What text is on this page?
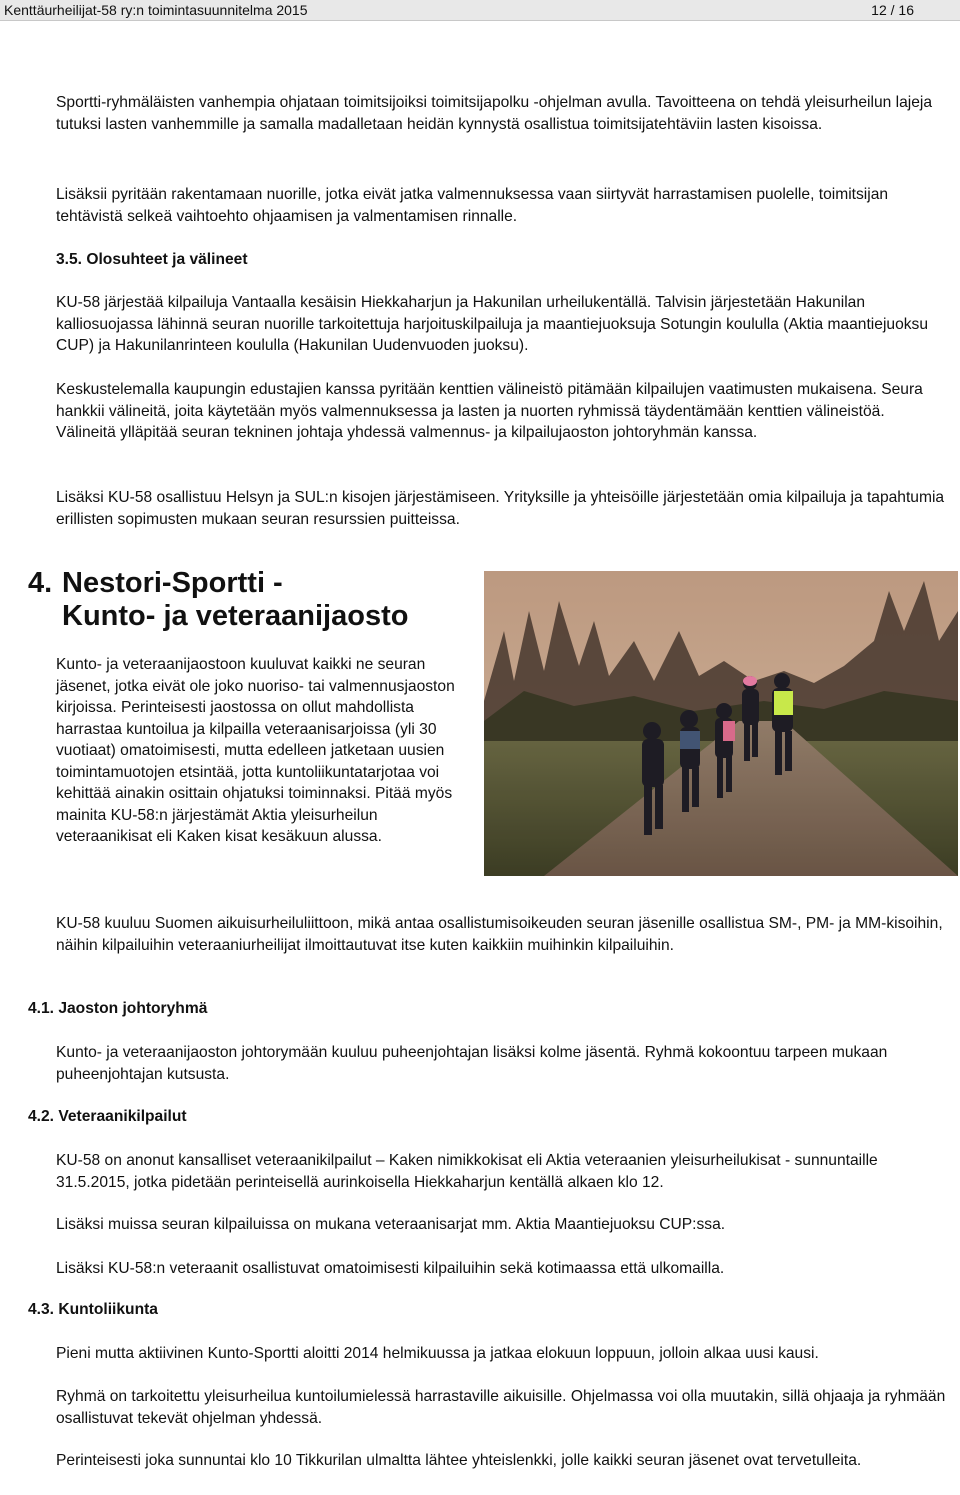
Kenttäurheilijat-58 ry:n toimintasuunnitelma 2015	12 / 16

Sportti-ryhmäläisten vanhempia ohjataan toimitsijoiksi toimitsijapolku -ohjelman avulla. Tavoitteena on tehdä yleisurheilun lajeja tutuksi lasten vanhemmille ja samalla madalletaan heidän kynnystä osallistua toimitsijatehtäviin lasten kisoissa.

Lisäksii pyritään rakentamaan nuorille, jotka eivät jatka valmennuksessa vaan siirtyvät harrastamisen puolelle, toimitsijan tehtävistä selkeä vaihtoehto ohjaamisen ja valmentamisen rinnalle.

3.5. Olosuhteet ja välineet

KU-58 järjestää kilpailuja Vantaalla kesäisin Hiekkaharjun ja Hakunilan urheilukentällä. Talvisin järjestetään Hakunilan kalliosuojassa lähinnä seuran nuorille tarkoitettuja harjoituskilpailuja ja maantiejuoksuja Sotungin koululla (Aktia maantiejuoksu CUP) ja Hakunilanrinteen koululla (Hakunilan Uudenvuoden juoksu).

Keskustelemalla kaupungin edustajien kanssa pyritään kenttien välineistö pitämään kilpailujen vaatimusten mukaisena. Seura hankkii välineitä, joita käytetään myös valmennuksessa ja lasten ja nuorten ryhmissä täydentämään kenttien välineistöä. Välineitä ylläpitää seuran tekninen johtaja yhdessä valmennus- ja kilpailujaoston johtoryhmän kanssa.

Lisäksi KU-58 osallistuu Helsyn ja SUL:n kisojen järjestämiseen. Yrityksille ja yhteisöille järjestetään omia kilpailuja ja tapahtumia erillisten sopimusten mukaan seuran resurssien puitteissa.

4. Nestori-Sportti -
Kunto- ja veteraanijaosto

Kunto- ja veteraanijaostoon kuuluvat kaikki ne seuran jäsenet, jotka eivät ole joko nuoriso- tai valmennusjaoston kirjoissa. Perinteisesti jaostossa on ollut mahdollista harrastaa kuntoilua ja kilpailla veteraanisarjoissa (yli 30 vuotiaat) omatoimisesti, mutta edelleen jatketaan uusien toimintamuotojen etsintää, jotta kuntoliikuntatarjotaa voi kehittää ainakin osittain ohjatuksi toiminnaksi. Pitää myös mainita KU-58:n järjestämät Aktia yleisurheilun veteraanikisat eli Kaken kisat kesäkuun alussa.

KU-58 kuuluu Suomen aikuisurheiluliittoon, mikä antaa osallistumisoikeuden seuran jäsenille osallistua SM-, PM- ja MM-kisoihin, näihin kilpailuihin veteraaniurheilijat ilmoittautuvat itse kuten kaikkiin muihinkin kilpailuihin.

4.1. Jaoston johtoryhmä

Kunto- ja veteraanijaoston johtorymään kuuluu puheenjohtajan lisäksi kolme jäsentä. Ryhmä kokoontuu tarpeen mukaan puheenjohtajan kutsusta.

4.2. Veteraanikilpailut

KU-58 on anonut kansalliset veteraanikilpailut – Kaken nimikkokisat eli Aktia veteraanien yleisurheilukisat - sunnuntaille 31.5.2015, jotka pidetään perinteisellä aurinkoisella Hiekkaharjun kentällä alkaen klo 12.

Lisäksi muissa seuran kilpailuissa on mukana veteraanisarjat mm. Aktia Maantiejuoksu CUP:ssa.

Lisäksi KU-58:n veteraanit osallistuvat omatoimisesti kilpailuihin sekä kotimaassa että ulkomailla.

4.3. Kuntoliikunta

Pieni mutta aktiivinen Kunto-Sportti aloitti 2014 helmikuussa ja jatkaa elokuun loppuun, jolloin alkaa uusi kausi.

Ryhmä on tarkoitettu yleisurheilua kuntoilumielessä harrastaville aikuisille. Ohjelmassa voi olla muutakin, sillä ohjaaja ja ryhmään osallistuvat tekevät ohjelman yhdessä.

Perinteisesti joka sunnuntai klo 10 Tikkurilan ulmaltta lähtee yhteislenkki, jolle kaikki seuran jäsenet ovat tervetulleita.
